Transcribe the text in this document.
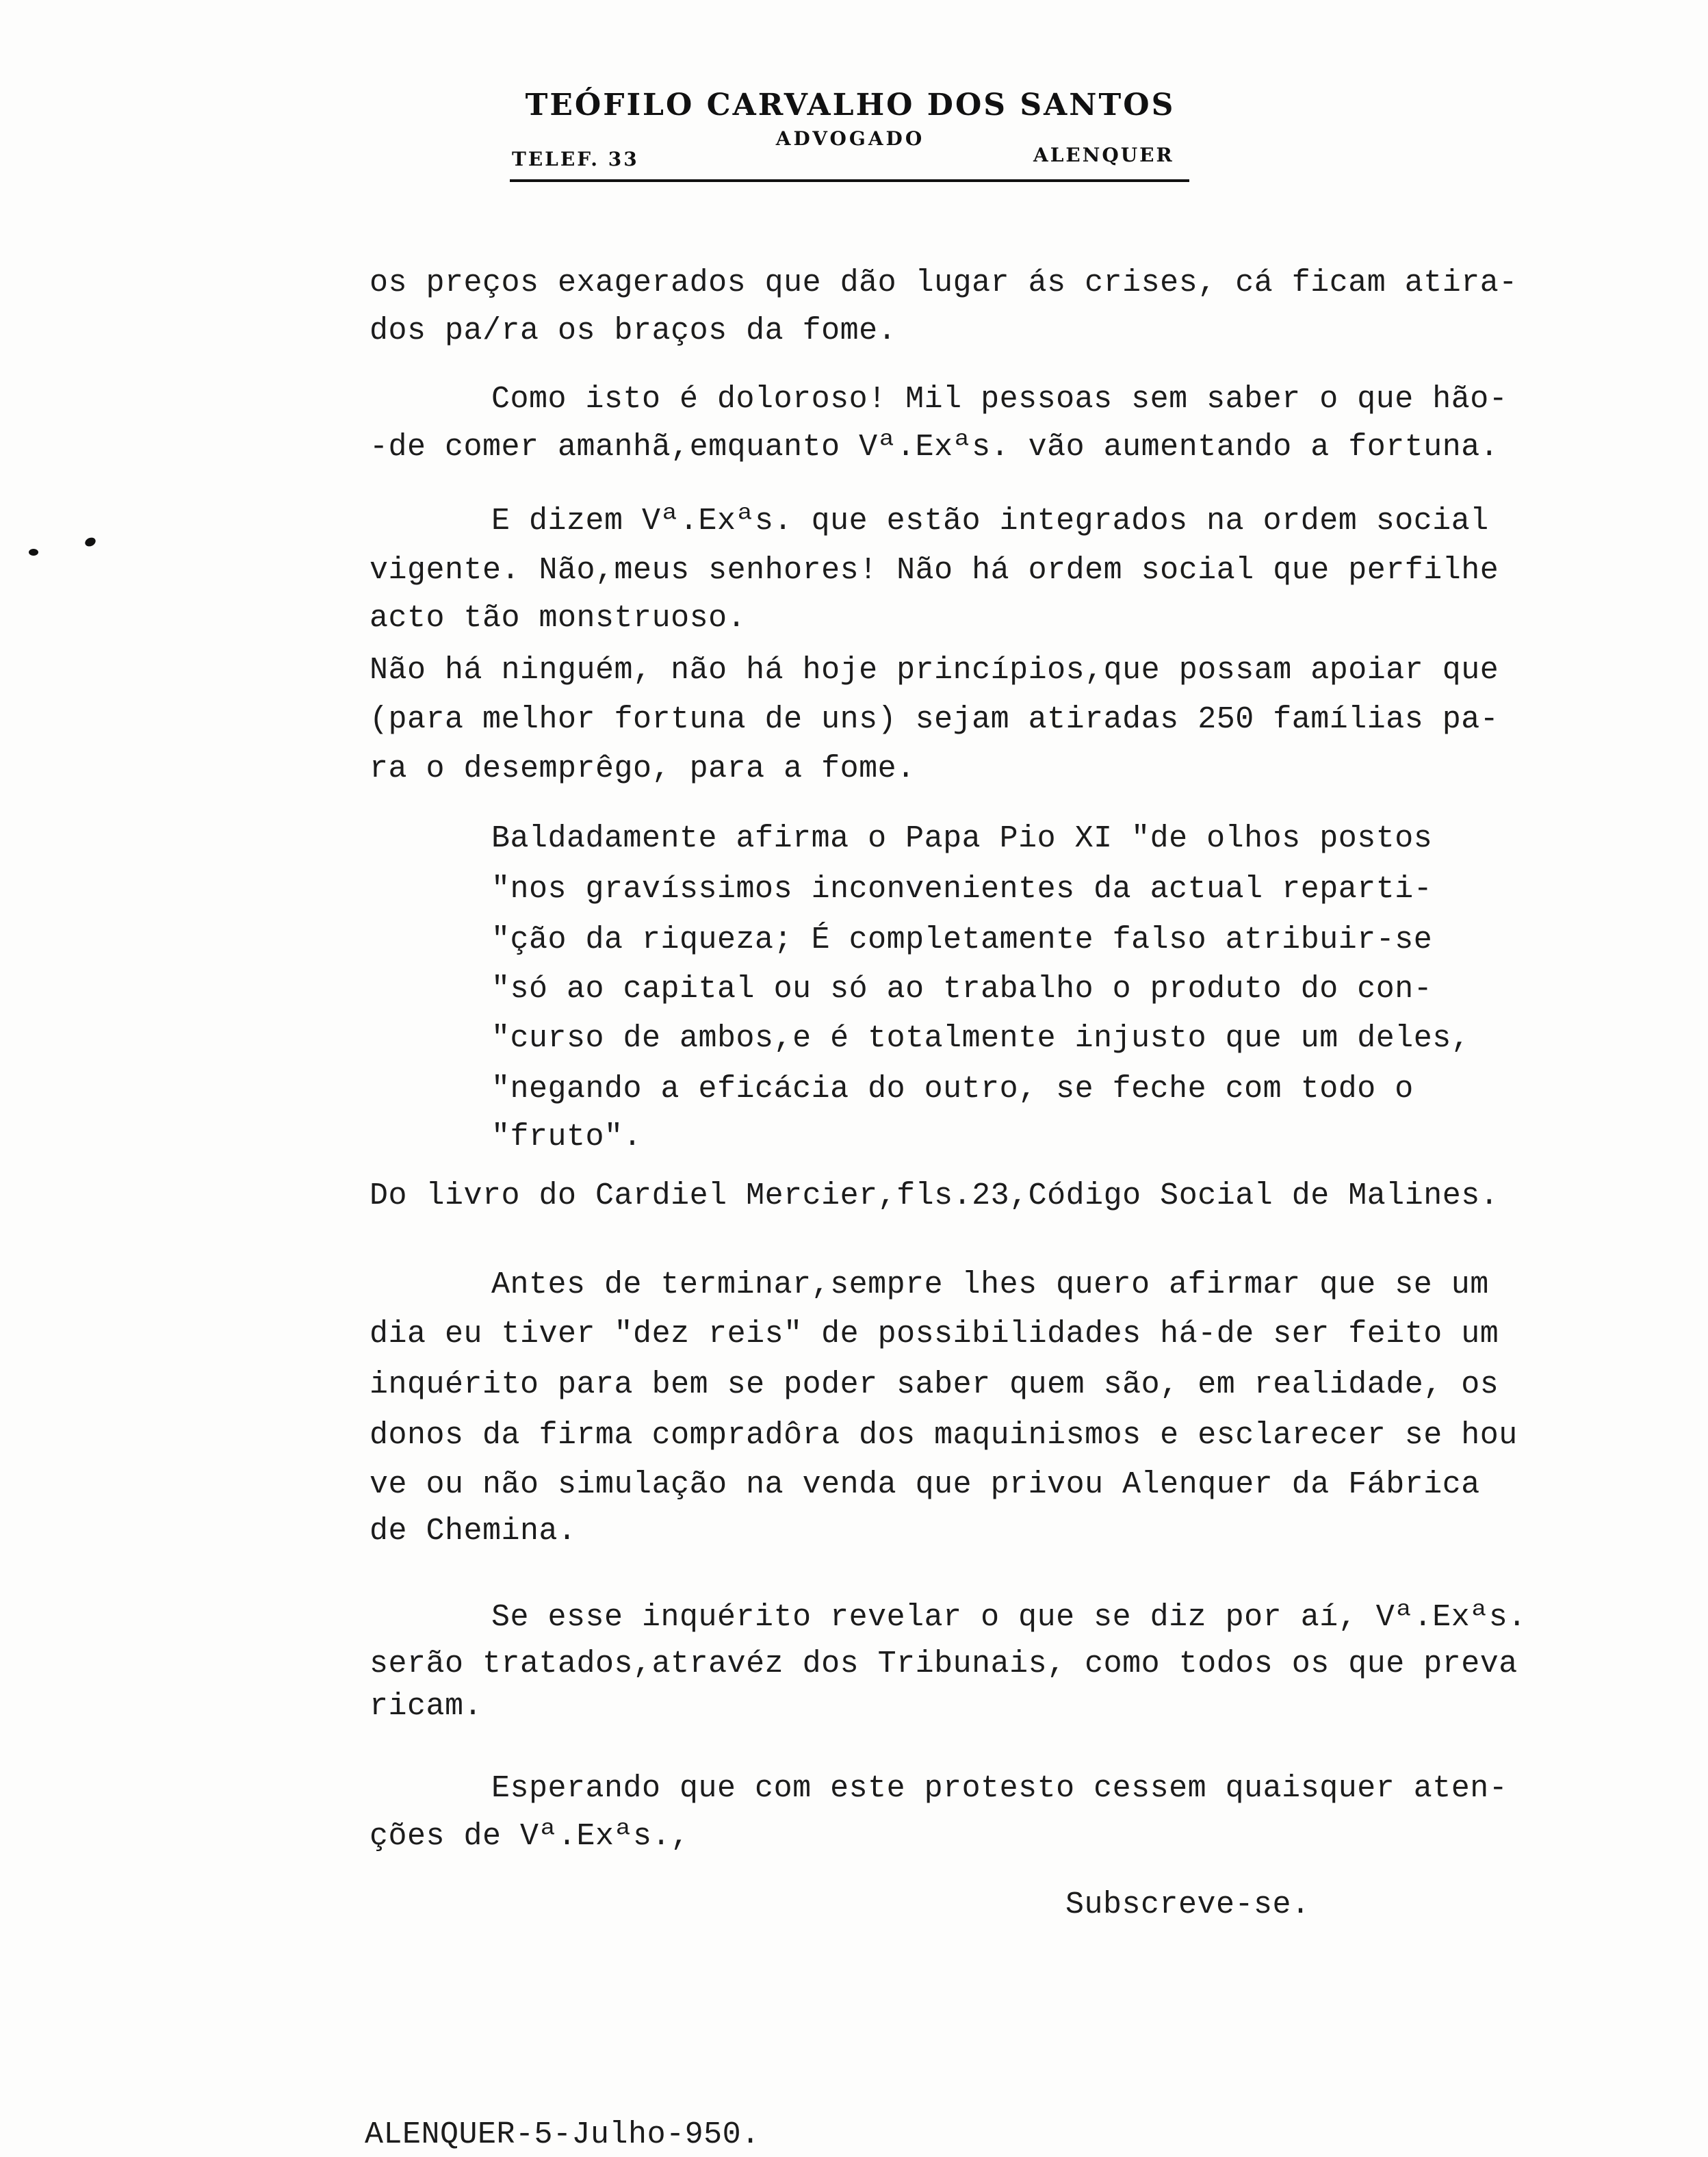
TEÓFILO CARVALHO DOS SANTOS
ADVOGADO
TELEF. 33	ALENQUER
os preços exagerados que dão lugar ás crises, cá ficam atira-
dos pa/ra os braços da fome.
Como isto é doloroso! Mil pessoas sem saber o que hão-
-de comer amanhã,emquanto Vª.Exªs. vão aumentando a fortuna.
E dizem Vª.Exªs. que estão integrados na ordem social
vigente. Não,meus senhores! Não há ordem social que perfilhe
acto tão monstruoso.
Não há ninguém, não há hoje princípios,que possam apoiar que
(para melhor fortuna de uns) sejam atiradas 250 famílias pa-
ra o desemprêgo, para a fome.
Baldadamente afirma o Papa Pio XI "de olhos postos
"nos gravíssimos inconvenientes da actual reparti-
"ção da riqueza; É completamente falso atribuir-se
"só ao capital ou só ao trabalho o produto do con-
"curso de ambos,e é totalmente injusto que um deles,
"negando a eficácia do outro, se feche com todo o
"fruto".
Do livro do Cardiel Mercier,fls.23,Código Social de Malines.
Antes de terminar,sempre lhes quero afirmar que se um
dia eu tiver "dez reis" de possibilidades há-de ser feito um
inquérito para bem se poder saber quem são, em realidade, os
donos da firma compradôra dos maquinismos e esclarecer se hou
ve ou não simulação na venda que privou Alenquer da Fábrica
de Chemina.
Se esse inquérito revelar o que se diz por aí, Vª.Exªs.
serão tratados,atravéz dos Tribunais, como todos os que preva
ricam.
Esperando que com este protesto cessem quaisquer aten-
ções de Vª.Exªs.,
Subscreve-se.
ALENQUER-5-Julho-950.
